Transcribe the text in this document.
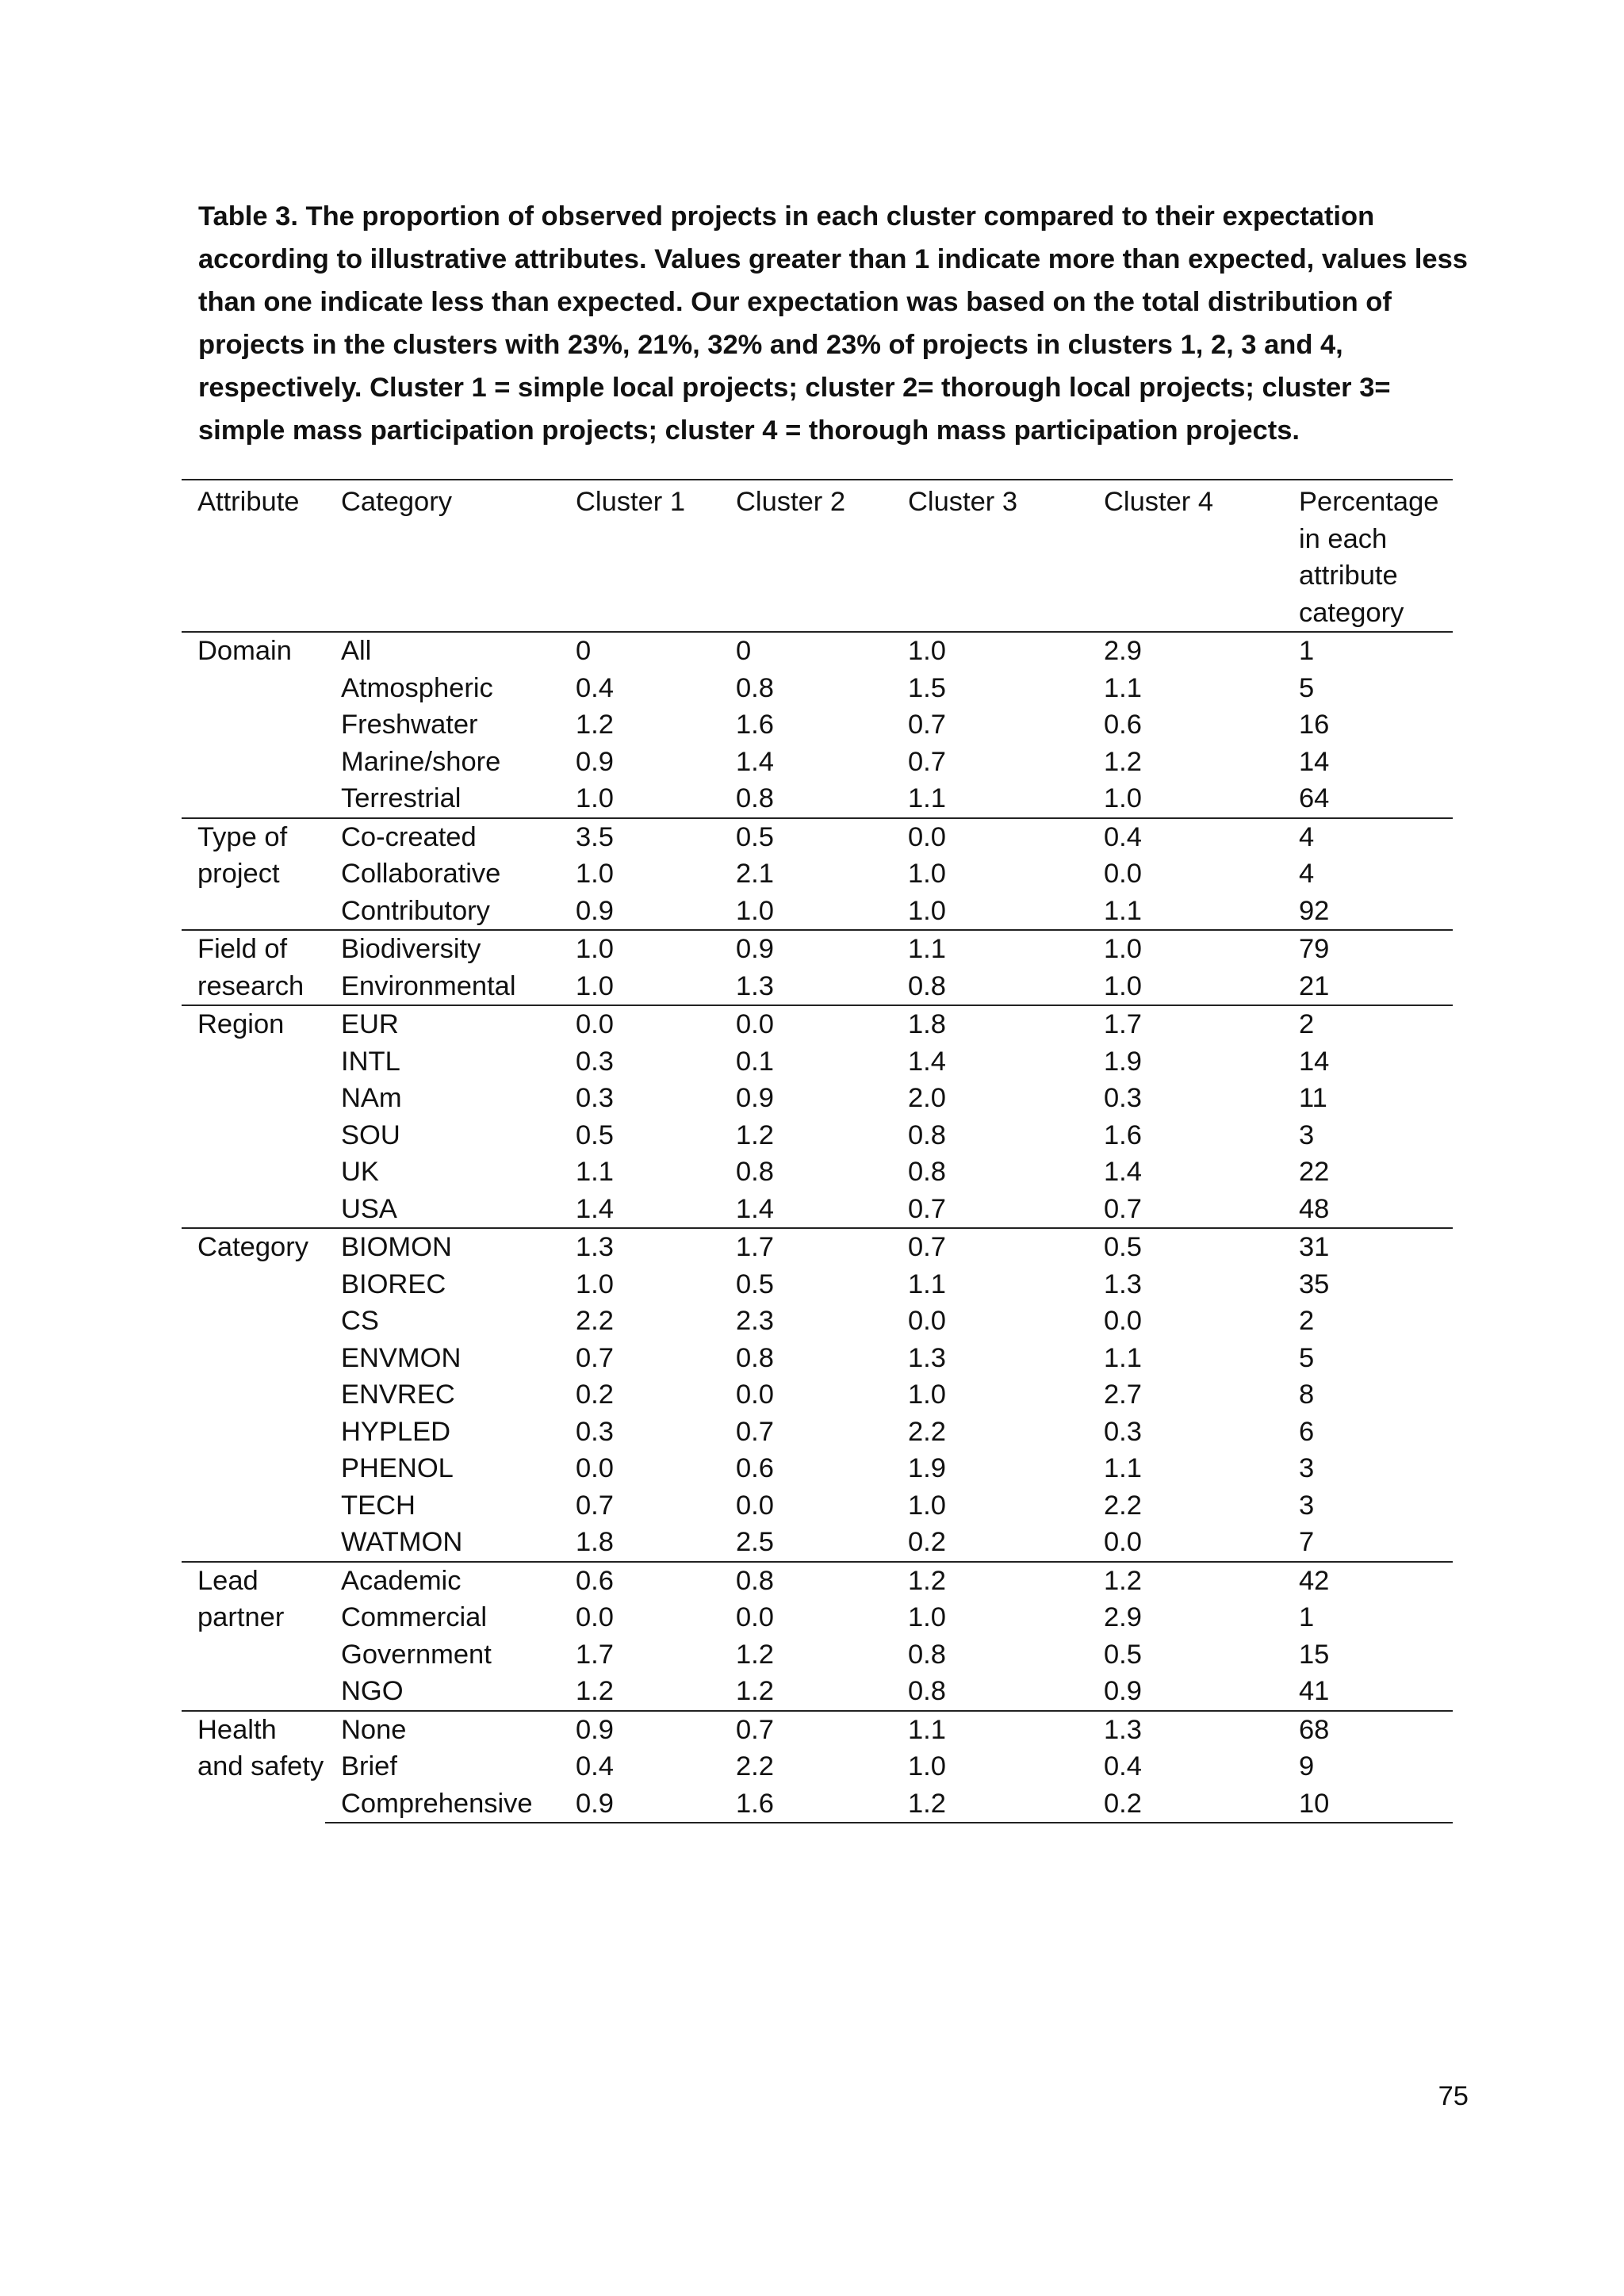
Table 3. The proportion of observed projects in each cluster compared to their expectation according to illustrative attributes. Values greater than 1 indicate more than expected, values less than one indicate less than expected. Our expectation was based on the total distribution of projects in the clusters with 23%, 21%, 32% and 23% of projects in clusters 1, 2, 3 and 4, respectively. Cluster 1 = simple local projects; cluster 2= thorough local projects; cluster 3= simple mass participation projects; cluster 4 = thorough mass participation projects.

Attribute	Category	Cluster 1	Cluster 2	Cluster 3	Cluster 4	Percentage in each attribute category
Domain	All	0	0	1.0	2.9	1
	Atmospheric	0.4	0.8	1.5	1.1	5
	Freshwater	1.2	1.6	0.7	0.6	16
	Marine/shore	0.9	1.4	0.7	1.2	14
	Terrestrial	1.0	0.8	1.1	1.0	64
Type of project	Co-created	3.5	0.5	0.0	0.4	4
	Collaborative	1.0	2.1	1.0	0.0	4
	Contributory	0.9	1.0	1.0	1.1	92
Field of research	Biodiversity	1.0	0.9	1.1	1.0	79
	Environmental	1.0	1.3	0.8	1.0	21
Region	EUR	0.0	0.0	1.8	1.7	2
	INTL	0.3	0.1	1.4	1.9	14
	NAm	0.3	0.9	2.0	0.3	11
	SOU	0.5	1.2	0.8	1.6	3
	UK	1.1	0.8	0.8	1.4	22
	USA	1.4	1.4	0.7	0.7	48
Category	BIOMON	1.3	1.7	0.7	0.5	31
	BIOREC	1.0	0.5	1.1	1.3	35
	CS	2.2	2.3	0.0	0.0	2
	ENVMON	0.7	0.8	1.3	1.1	5
	ENVREC	0.2	0.0	1.0	2.7	8
	HYPLED	0.3	0.7	2.2	0.3	6
	PHENOL	0.0	0.6	1.9	1.1	3
	TECH	0.7	0.0	1.0	2.2	3
	WATMON	1.8	2.5	0.2	0.0	7
Lead partner	Academic	0.6	0.8	1.2	1.2	42
	Commercial	0.0	0.0	1.0	2.9	1
	Government	1.7	1.2	0.8	0.5	15
	NGO	1.2	1.2	0.8	0.9	41
Health and safety	None	0.9	0.7	1.1	1.3	68
	Brief	0.4	2.2	1.0	0.4	9
	Comprehensive	0.9	1.6	1.2	0.2	10
75
